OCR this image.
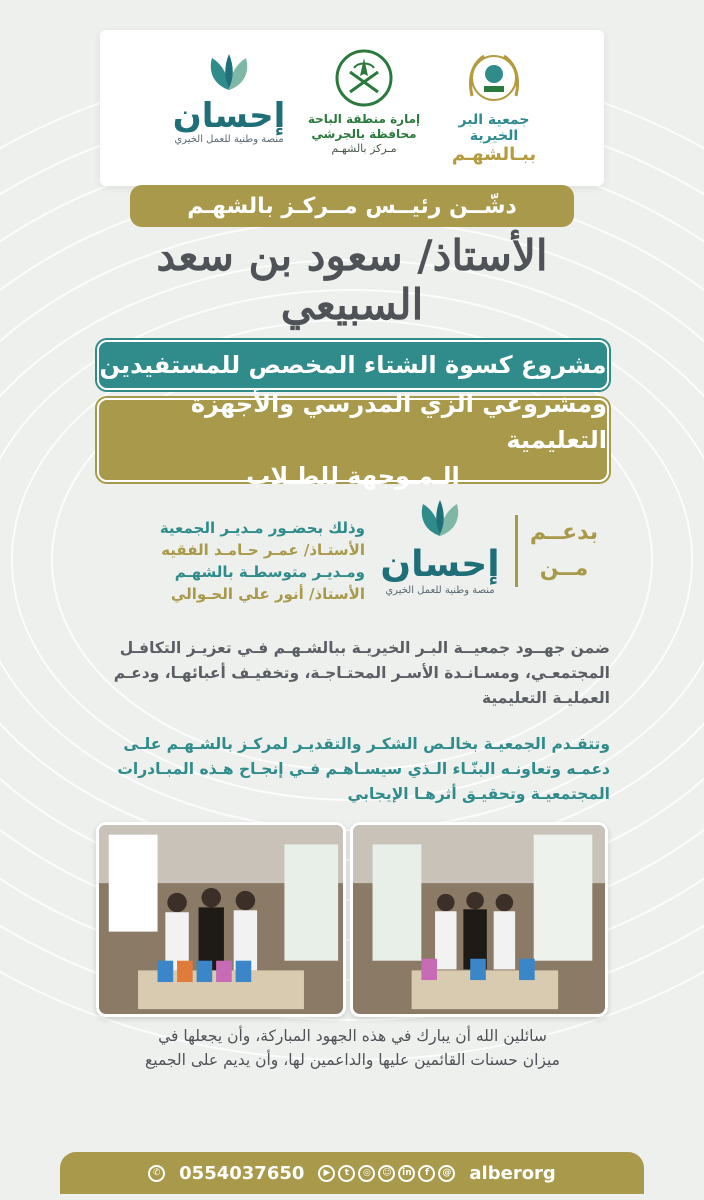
إحسان
منصة وطنية للعمل الخيري
إمارة منطقة الباحة
محافظة بالجرشي
مـركز بالشهـم
جمعية البر الخيرية
ببـالشهـم
دشّــن رئيــس مــركـز بالشهـم
الأستاذ/ سعود بن سعد السبيعي
مشروع كسوة الشتاء المخصص للمستفيدين
ومشروعي الزي المدرسي والأجهزة التعليمية
الـمـوجهة للطـلاب
بدعــم
مــن
إحسان
منصة وطنية للعمل الخيري
وذلك بحضـور مـديـر الجمعية
الأستـاذ/ عمـر حـامـد الفقيه
ومـديـر متوسطـة بالشهـم
الأستاذ/ أنور علي الحـوالي
ضمن جهــود جمعيــة البـر الخيريـة ببالشـهـم فـي تعزيـز التكافـل المجتمعـي، ومسـانـدة الأسـر المحتـاجـة، وتخفيـف أعبائهـا، ودعـم العمليـة التعليمية
وتتقـدم الجمعيـة بخالـص الشكـر والتقديـر لمركـز بالشـهـم علـى دعمـه وتعاونـه البنّـاء الـذي سيسـاهـم فـي إنجـاح هـذه المبـادرات المجتمعيـة وتحقيـق أثرهـا الإيجابي
سائلين الله أن يبارك في هذه الجهود المباركة، وأن يجعلها في
ميزان حسنات القائمين عليها والداعمين لها، وأن يديم على الجميع
✆ 0554037650	▶	t	◎	☺	in	f	@ alberorg
